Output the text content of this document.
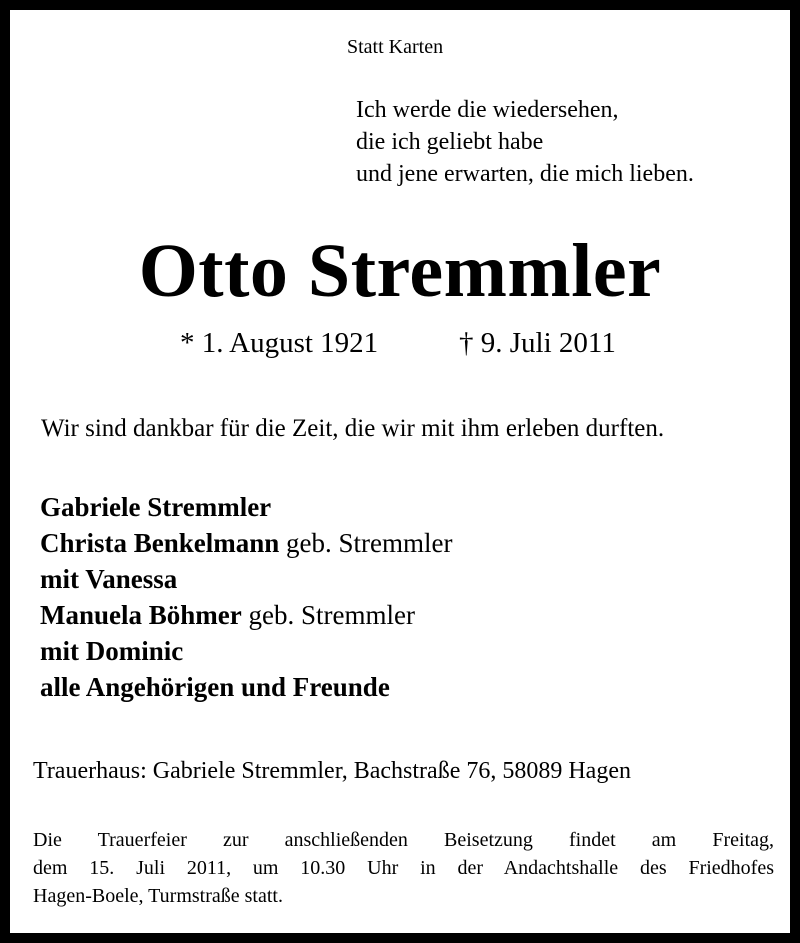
Statt Karten
Ich werde die wiedersehen,
die ich geliebt habe
und jene erwarten, die mich lieben.
Otto Stremmler
* 1. August 1921	† 9. Juli 2011
Wir sind dankbar für die Zeit, die wir mit ihm erleben durften.
Gabriele Stremmler
Christa Benkelmann geb. Stremmler
mit Vanessa
Manuela Böhmer geb. Stremmler
mit Dominic
alle Angehörigen und Freunde
Trauerhaus: Gabriele Stremmler, Bachstraße 76, 58089 Hagen
Die Trauerfeier zur anschließenden Beisetzung findet am Freitag,
dem 15. Juli 2011, um 10.30 Uhr in der Andachtshalle des Friedhofes
Hagen-Boele, Turmstraße statt.
